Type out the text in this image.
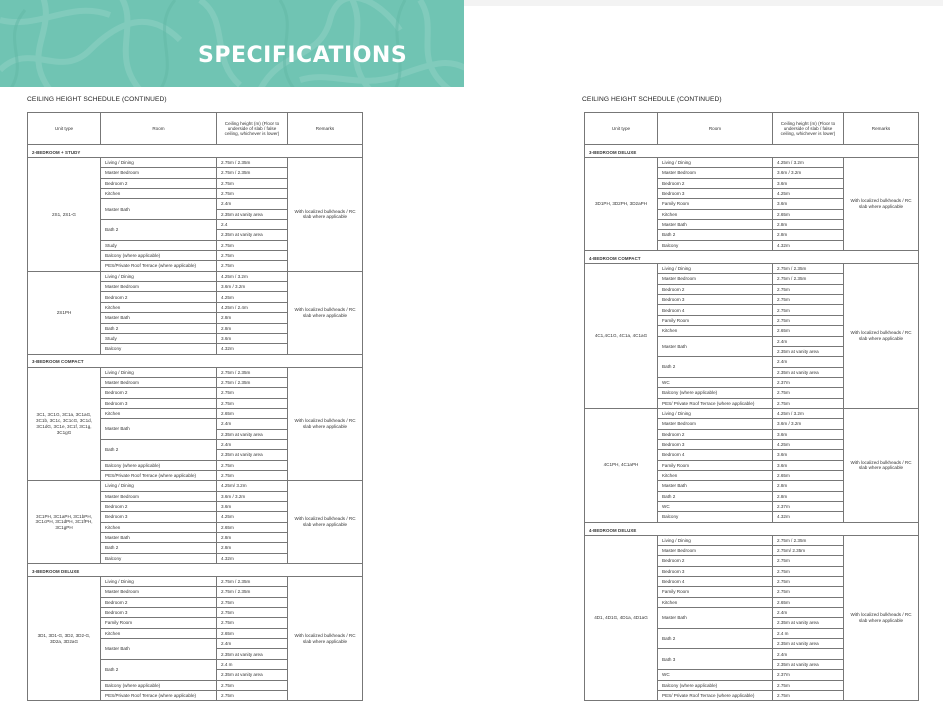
SPECIFICATIONS
CEILING HEIGHT SCHEDULE (CONTINUED)	CEILING HEIGHT SCHEDULE (CONTINUED)
Unit type	Room	Ceiling height (m) (Floor to underside of slab / false ceiling, whichever is lower)	Remarks
2-BEDROOM + STUDY			
2S1, 2S1-G	Living / Dining	2.75m / 2.35m	With localized bulkheads / RC slab where applicable
	Master Bedroom	2.75m / 2.35m	
	Bedroom 2	2.75m	
	Kitchen	2.75m	
	Master Bath	2.4m	
		2.35m at vanity area	
	Bath 2	2.4	
		2.35m at vanity area	
	Study	2.75m	
	Balcony (where applicable)	2.75m	
	PES/Private Roof Terrace (where applicable)	2.75m	
2S1PH	Living / Dining	4.25m / 3.2m	With localized bulkheads / RC slab where applicable
	Master Bedroom	3.6m / 3.2m	
	Bedroom 2	4.25m	
	Kitchen	4.25m / 2.4m	
	Master Bath	2.8m	
	Bath 2	2.8m	
	Study	3.6m	
	Balcony	4.32m	
3-BEDROOM COMPACT			
3C1, 3C1G, 3C1a, 3C1aG, 3C1b, 3C1c, 3C1cG, 3C1d, 3C1dG, 3C1e, 3C1f, 3C1g, 3C1gG	Living / Dining	2.75m / 2.35m	With localized bulkheads / RC slab where applicable
	Master Bedroom	2.75m / 2.35m	
	Bedroom 2	2.75m	
	Bedroom 3	2.75m	
	Kitchen	2.65m	
	Master Bath	2.4m	
		2.35m at vanity area	
	Bath 2	2.4m	
		2.35m at vanity area	
	Balcony (where applicable)	2.75m	
	PES/Private Roof Terrace (where applicable)	2.75m	
3C1PH, 3C1aPH, 3C1bPH, 3C1cPH, 3C1dPH, 3C1fPH, 3C1gPH	Living / Dining	4.25m/ 3.2m	With localized bulkheads / RC slab where applicable
	Master Bedroom	3.6m / 3.2m	
	Bedroom 2	3.6m	
	Bedroom 3	4.25m	
	Kitchen	2.65m	
	Master Bath	2.8m	
	Bath 2	2.8m	
	Balcony	4.32m	
3-BEDROOM DELUXE			
3D1, 3D1-G, 3D2, 3D2-G, 3D2a, 3D2aG	Living / Dining	2.75m / 2.35m	With localized bulkheads / RC slab where applicable
	Master Bedroom	2.75m / 2.35m	
	Bedroom 2	2.75m	
	Bedroom 3	2.75m	
	Family Room	2.75m	
	Kitchen	2.65m	
	Master Bath	2.4m	
		2.35m at vanity area	
	Bath 2	2.4 m	
		2.35m at vanity area	
	Balcony (where applicable)	2.75m	
	PES/Private Roof Terrace (where applicable)	2.75m	
Unit type	Room	Ceiling height (m) (Floor to underside of slab / false ceiling, whichever is lower)	Remarks
3-BEDROOM DELUXE			
3D1PH, 3D2PH, 3D2aPH	Living / Dining	4.25m / 3.2m	With localized bulkheads / RC slab where applicable
	Master Bedroom	3.6m / 3.2m	
	Bedroom 2	3.6m	
	Bedroom 3	4.25m	
	Family Room	3.6m	
	Kitchen	2.65m	
	Master Bath	2.8m	
	Bath 2	2.8m	
	Balcony	4.32m	
4-BEDROOM COMPACT			
4C1,4C1G, 4C1a, 4C1aG	Living / Dining	2.75m / 2.35m	With localized bulkheads / RC slab where applicable
	Master Bedroom	2.75m / 2.35m	
	Bedroom 2	2.75m	
	Bedroom 3	2.75m	
	Bedroom 4	2.75m	
	Family Room	2.75m	
	Kitchen	2.65m	
	Master Bath	2.4m	
		2.35m at vanity area	
	Bath 2	2.4m	
		2.35m at vanity area	
	WC	2.37m	
	Balcony (where applicable)	2.75m	
	PES/ Private Roof Terrace (where applicable)	2.75m	
4C1PH, 4C1aPH	Living / Dining	4.25m / 3.2m	With localized bulkheads / RC slab where applicable
	Master Bedroom	3.6m / 3.2m	
	Bedroom 2	3.6m	
	Bedroom 3	4.25m	
	Bedroom 4	3.6m	
	Family Room	3.6m	
	Kitchen	2.65m	
	Master Bath	2.8m	
	Bath 2	2.8m	
	WC	2.37m	
	Balcony	4.32m	
4-BEDROOM DELUXE			
4D1, 4D1G, 4D1a, 4D1aG	Living / Dining	2.75m / 2.35m	With localized bulkheads / RC slab where applicable
	Master Bedroom	2.75m/ 2.35m	
	Bedroom 2	2.75m	
	Bedroom 3	2.75m	
	Bedroom 4	2.75m	
	Family Room	2.75m	
	Kitchen	2.65m	
	Master Bath	2.4m	
		2.35m at vanity area	
	Bath 2	2.4 m	
		2.35m at vanity area	
	Bath 3	2.4m	
		2.35m at vanity area	
	WC	2.37m	
	Balcony (where applicable)	2.75m	
	PES/ Private Roof Terrace (where applicable)	2.75m	
